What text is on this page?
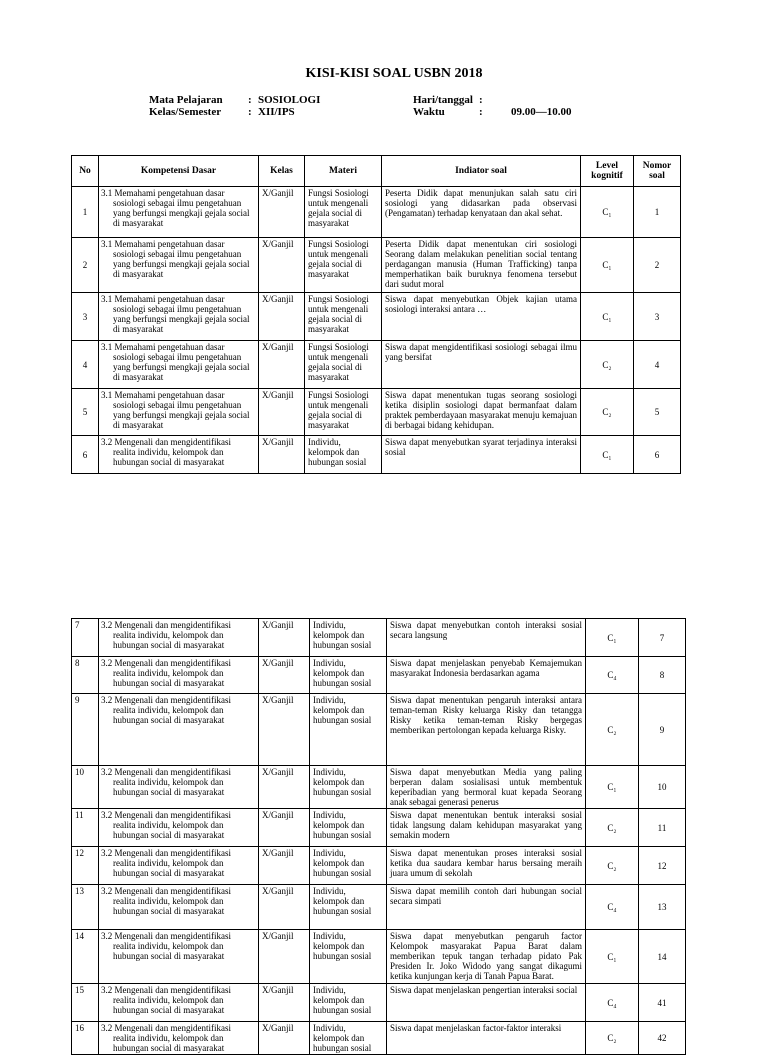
KISI-KISI SOAL USBN 2018
Mata Pelajaran : SOSIOLOGI
Kelas/Semester : XII/IPS
Hari/tanggal :
Waktu	:	09.00—10.00
No	Kompetensi Dasar	Kelas	Materi	Indiator soal	Level kognitif	Nomor soal
1	3.1 Memahami pengetahuan dasar sosiologi sebagai ilmu pengetahuan yang berfungsi mengkaji gejala social di masyarakat	X/Ganjil	Fungsi Sosiologi untuk mengenali gejala social di masyarakat	Peserta Didik dapat menunjukan salah satu ciri sosiologi yang didasarkan pada observasi (Pengamatan) terhadap kenyataan dan akal sehat.	C₁	1
2	3.1 Memahami pengetahuan dasar sosiologi sebagai ilmu pengetahuan yang berfungsi mengkaji gejala social di masyarakat	X/Ganjil	Fungsi Sosiologi untuk mengenali gejala social di masyarakat	Peserta Didik dapat menentukan ciri sosiologi Seorang dalam melakukan penelitian social tentang perdagangan manusia (Human Trafficking) tanpa memperhatikan baik buruknya fenomena tersebut dari sudut moral	C₁	2
3	3.1 Memahami pengetahuan dasar sosiologi sebagai ilmu pengetahuan yang berfungsi mengkaji gejala social di masyarakat	X/Ganjil	Fungsi Sosiologi untuk mengenali gejala social di masyarakat	Siswa dapat menyebutkan Objek kajian utama sosiologi interaksi antara …	C₁	3
4	3.1 Memahami pengetahuan dasar sosiologi sebagai ilmu pengetahuan yang berfungsi mengkaji gejala social di masyarakat	X/Ganjil	Fungsi Sosiologi untuk mengenali gejala social di masyarakat	Siswa dapat mengidentifikasi sosiologi sebagai ilmu yang bersifat	C₂	4
5	3.1 Memahami pengetahuan dasar sosiologi sebagai ilmu pengetahuan yang berfungsi mengkaji gejala social di masyarakat	X/Ganjil	Fungsi Sosiologi untuk mengenali gejala social di masyarakat	Siswa dapat menentukan tugas seorang sosiologi ketika disiplin sosiologi dapat bermanfaat dalam praktek pemberdayaan masyarakat menuju kemajuan di berbagai bidang kehidupan.	C₂	5
6	3.2 Mengenali dan mengidentifikasi realita individu, kelompok dan hubungan social di masyarakat	X/Ganjil	Individu, kelompok dan hubungan sosial	Siswa dapat menyebutkan syarat terjadinya interaksi sosial	C₁	6
7	3.2 Mengenali dan mengidentifikasi realita individu, kelompok dan hubungan social di masyarakat	X/Ganjil	Individu, kelompok dan hubungan sosial	Siswa dapat menyebutkan contoh interaksi sosial secara langsung	C₁	7
8	3.2 Mengenali dan mengidentifikasi realita individu, kelompok dan hubungan social di masyarakat	X/Ganjil	Individu, kelompok dan hubungan sosial	Siswa dapat menjelaskan penyebab Kemajemukan masyarakat Indonesia berdasarkan agama	C₄	8
9	3.2 Mengenali dan mengidentifikasi realita individu, kelompok dan hubungan social di masyarakat	X/Ganjil	Individu, kelompok dan hubungan sosial	Siswa dapat menentukan pengaruh interaksi antara teman-teman Risky keluarga Risky dan tetangga Risky ketika teman-teman Risky bergegas memberikan pertolongan kepada keluarga Risky.	C₂	9
10	3.2 Mengenali dan mengidentifikasi realita individu, kelompok dan hubungan social di masyarakat	X/Ganjil	Individu, kelompok dan hubungan sosial	Siswa dapat menyebutkan Media yang paling berperan dalam sosialisasi untuk membentuk keperibadian yang bermoral kuat kepada Seorang anak sebagai generasi penerus	C₁	10
11	3.2 Mengenali dan mengidentifikasi realita individu, kelompok dan hubungan social di masyarakat	X/Ganjil	Individu, kelompok dan hubungan sosial	Siswa dapat menentukan bentuk interaksi sosial tidak langsung dalam kehidupan masyarakat yang semakin modern	C₂	11
12	3.2 Mengenali dan mengidentifikasi realita individu, kelompok dan hubungan social di masyarakat	X/Ganjil	Individu, kelompok dan hubungan sosial	Siswa dapat menentukan proses interaksi sosial ketika dua saudara kembar harus bersaing meraih juara umum di sekolah	C₂	12
13	3.2 Mengenali dan mengidentifikasi realita individu, kelompok dan hubungan social di masyarakat	X/Ganjil	Individu, kelompok dan hubungan sosial	Siswa dapat memilih contoh dari hubungan social secara simpati	C₄	13
14	3.2 Mengenali dan mengidentifikasi realita individu, kelompok dan hubungan social di masyarakat	X/Ganjil	Individu, kelompok dan hubungan sosial	Siswa dapat menyebutkan pengaruh factor Kelompok masyarakat Papua Barat dalam memberikan tepuk tangan terhadap pidato Pak Presiden Ir. Joko Widodo yang sangat dikagumi ketika kunjungan kerja di Tanah Papua Barat.	C₁	14
15	3.2 Mengenali dan mengidentifikasi realita individu, kelompok dan hubungan social di masyarakat	X/Ganjil	Individu, kelompok dan hubungan sosial	Siswa dapat menjelaskan pengertian interaksi social	C₄	41
16	3.2 Mengenali dan mengidentifikasi realita individu, kelompok dan hubungan social di masyarakat	X/Ganjil	Individu, kelompok dan hubungan sosial	Siswa dapat menjelaskan factor-faktor interaksi	C₂	42
